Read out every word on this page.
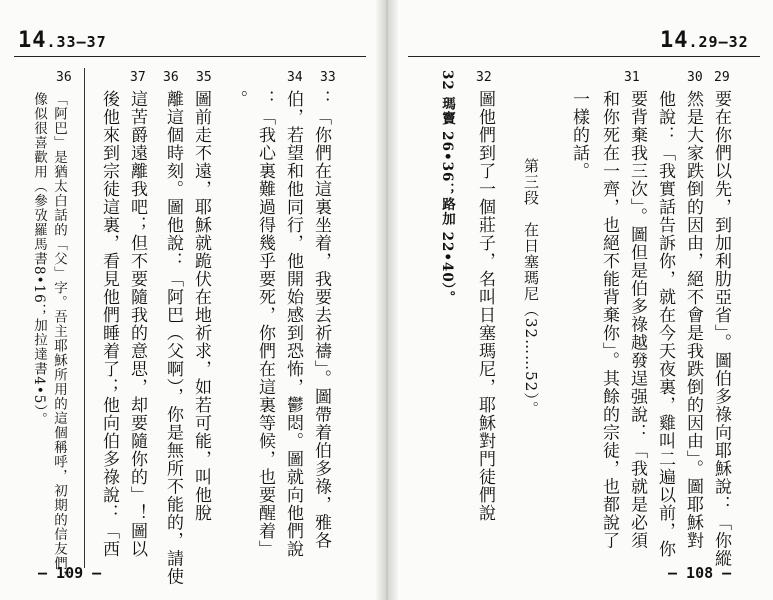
14.33–37
33
34
35
36
37
：「你們在這裏坐着，我要去祈禱」。圖帶着伯多祿，雅各
伯，若望和他同行，他開始感到恐怖，鬱悶。圖就向他們說
：「我心裏難過得幾乎要死，你們在這裏等候，也要醒着」
。
圖前走不遠，耶穌就跪伏在地祈求，如若可能，叫他脫
離這個時刻。圖他說：「阿巴（父啊），你是無所不能的，請使
這苦爵遠離我吧；但不要隨我的意思，却要隨你的」！圖以
後他來到宗徒這裏，看見他們睡着了；他向伯多祿說：「西
36
「阿巴」是猶太白話的「父」字。吾主耶穌所用的這個稱呼，初期的信友們，
像似很喜歡用（參攷羅馬書8•16；加拉達書4•5）。
— 109 —
14.29–32
29
30
31
32
要在你們以先，到加利肋亞省」。圖伯多祿向耶穌說：「你縱
然是大家跌倒的因由，絕不會是我跌倒的因由」。圖耶穌對
他說：「我實話告訴你，就在今天夜裏，雞叫二遍以前，你
要背棄我三次」。圖但是伯多祿越發逞强說：「我就是必須
和你死在一齊，也絕不能背棄你」。其餘的宗徒，也都說了
一樣的話。
第三段　在日塞瑪尼（32……52）。
圖他們到了一個莊子，名叫日塞瑪尼，耶穌對門徒們說
32 瑪竇 26•36；路加 22•40）。
— 108 —
